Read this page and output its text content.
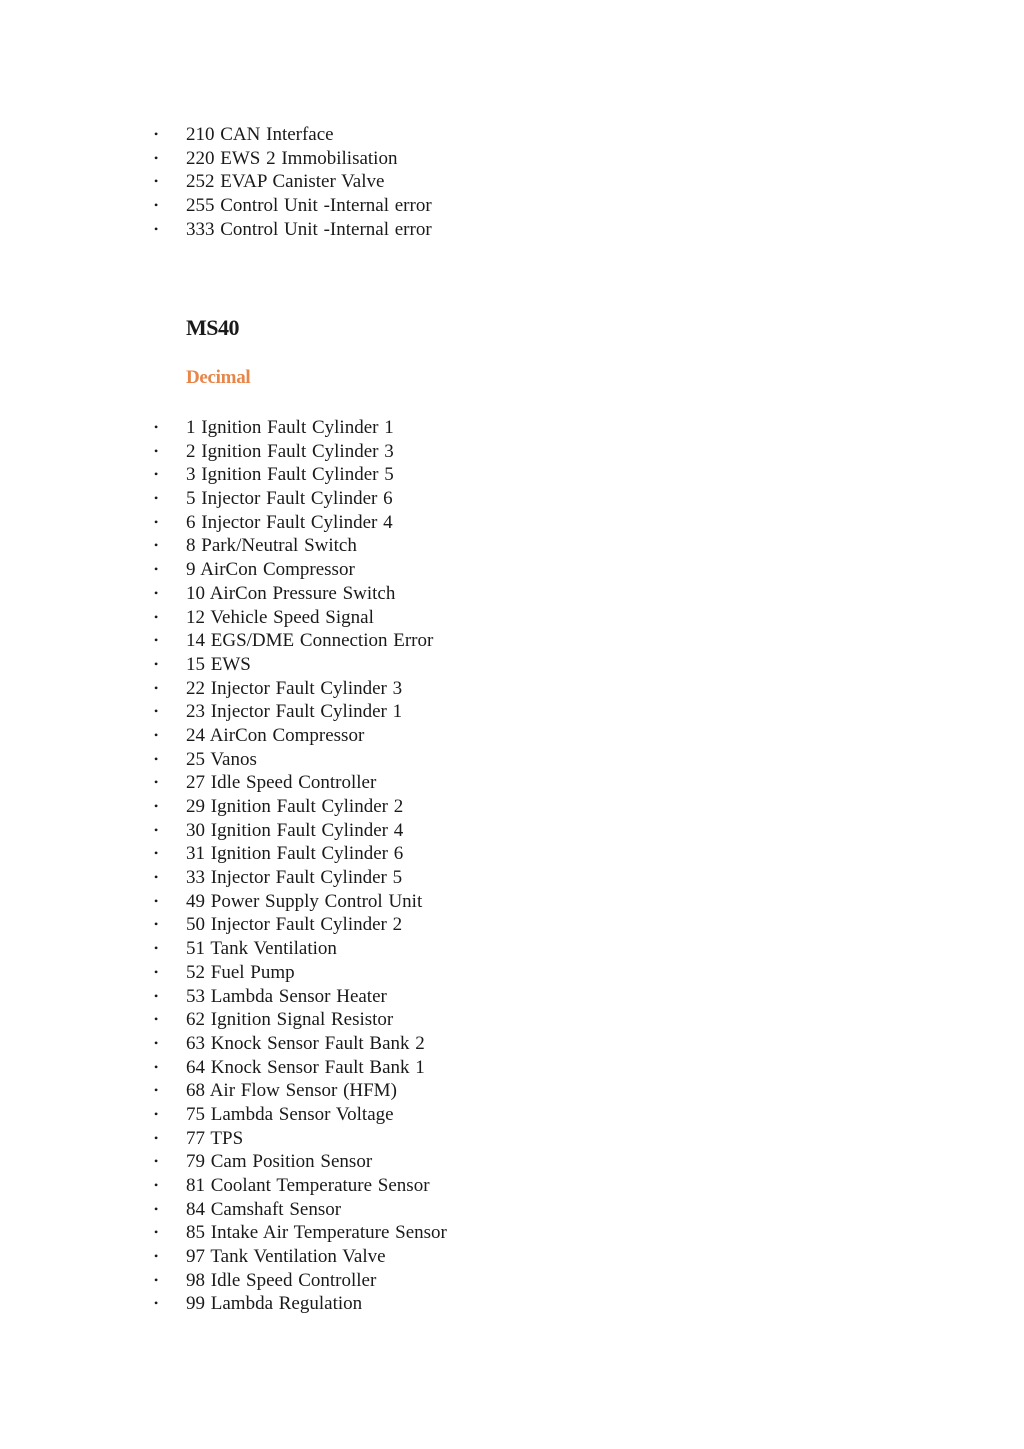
• 210 CAN Interface
• 220 EWS 2 Immobilisation
• 252 EVAP Canister Valve
• 255 Control Unit -Internal error
• 333 Control Unit -Internal error
MS40
Decimal
• 1 Ignition Fault Cylinder 1
• 2 Ignition Fault Cylinder 3
• 3 Ignition Fault Cylinder 5
• 5 Injector Fault Cylinder 6
• 6 Injector Fault Cylinder 4
• 8 Park/Neutral Switch
• 9 AirCon Compressor
• 10 AirCon Pressure Switch
• 12 Vehicle Speed Signal
• 14 EGS/DME Connection Error
• 15 EWS
• 22 Injector Fault Cylinder 3
• 23 Injector Fault Cylinder 1
• 24 AirCon Compressor
• 25 Vanos
• 27 Idle Speed Controller
• 29 Ignition Fault Cylinder 2
• 30 Ignition Fault Cylinder 4
• 31 Ignition Fault Cylinder 6
• 33 Injector Fault Cylinder 5
• 49 Power Supply Control Unit
• 50 Injector Fault Cylinder 2
• 51 Tank Ventilation
• 52 Fuel Pump
• 53 Lambda Sensor Heater
• 62 Ignition Signal Resistor
• 63 Knock Sensor Fault Bank 2
• 64 Knock Sensor Fault Bank 1
• 68 Air Flow Sensor (HFM)
• 75 Lambda Sensor Voltage
• 77 TPS
• 79 Cam Position Sensor
• 81 Coolant Temperature Sensor
• 84 Camshaft Sensor
• 85 Intake Air Temperature Sensor
• 97 Tank Ventilation Valve
• 98 Idle Speed Controller
• 99 Lambda Regulation
